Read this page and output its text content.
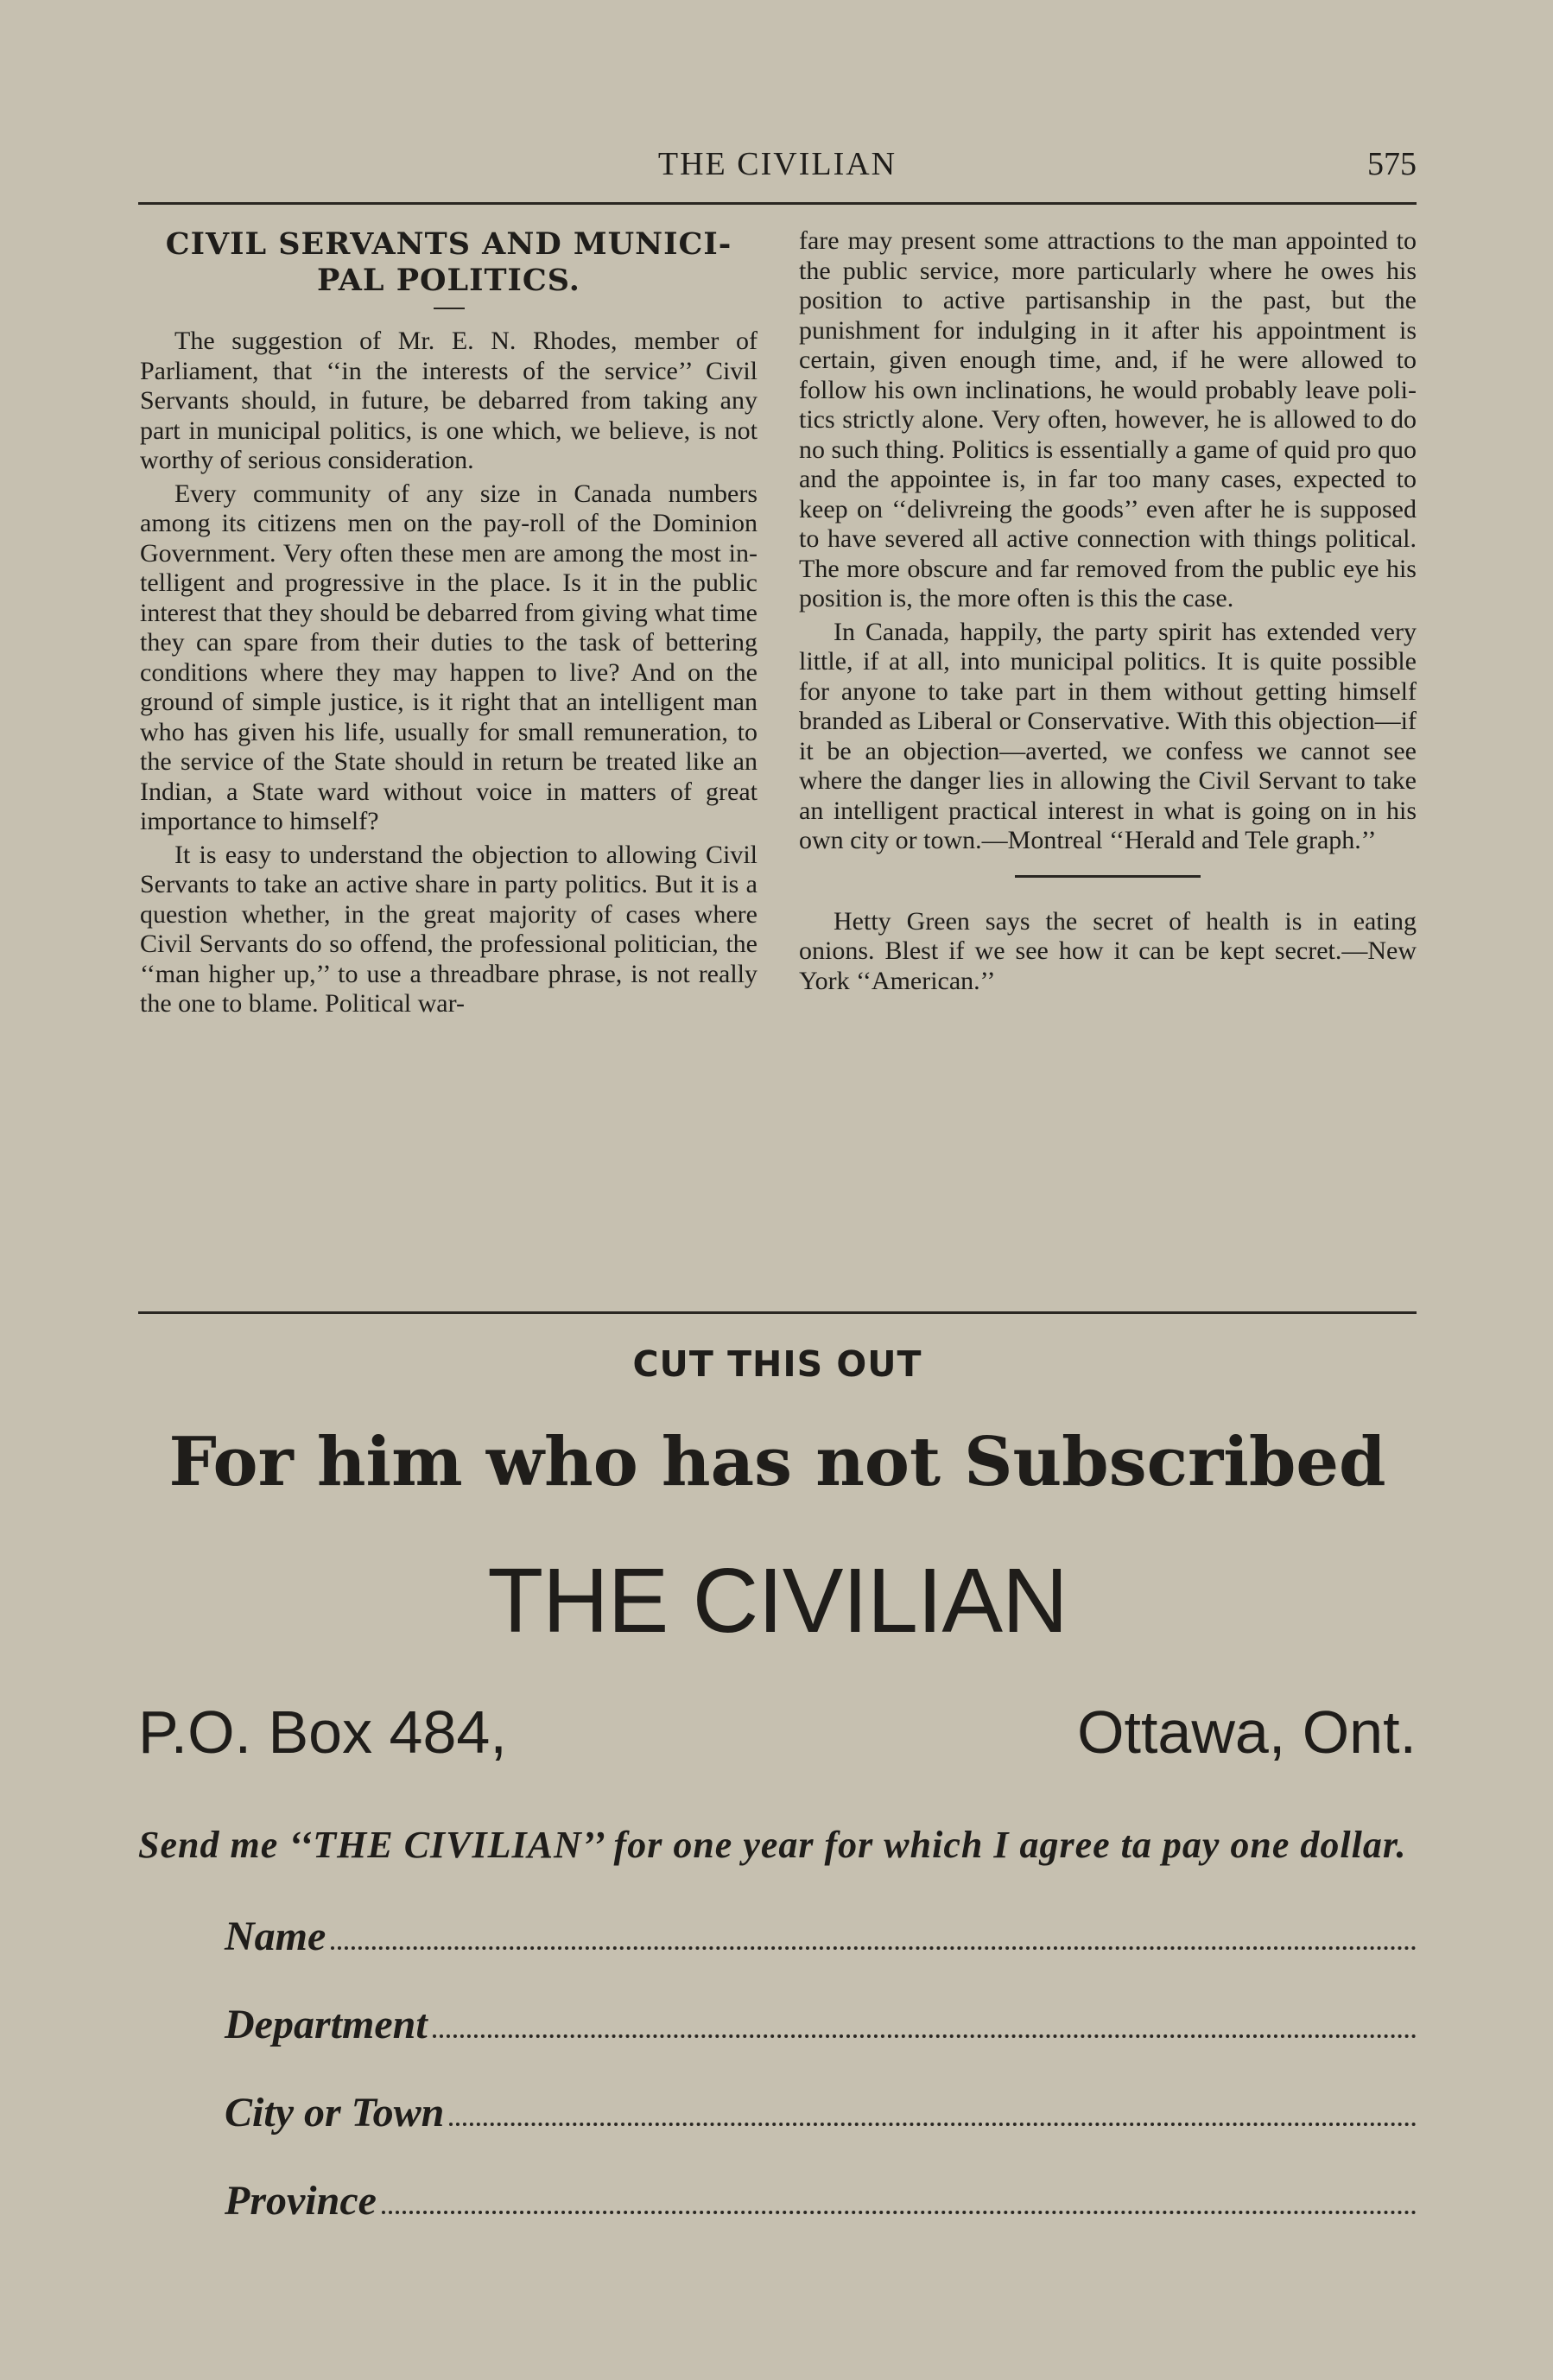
THE CIVILIAN	575
CIVIL SERVANTS AND MUNICI- PAL POLITICS.

The suggestion of Mr. E. N. Rhodes, member of Parliament, that ‘‘in the interests of the service’’ Civil Servants should, in future, be debarred from taking any part in municipal politics, is one which, we believe, is not worthy of serious consideration.

Every community of any size in Canada numbers among its citizens men on the pay-roll of the Dominion Government. Very often these men are among the most intelligent and progressive in the place. Is it in the public interest that they should be debarred from giving what time they can spare from their duties to the task of bettering conditions where they may happen to live? And on the ground of simple justice, is it right that an intelligent man who has given his life, usually for small remuneration, to the service of the State should in return be treated like an Indian, a State ward without voice in matters of great importance to himself?

It is easy to understand the objection to allowing Civil Servants to take an active share in party politics. But it is a question whether, in the great majority of cases where Civil Servants do so offend, the professional politician, the ‘‘man higher up,’’ to use a threadbare phrase, is not really the one to blame. Political war-

fare may present some attractions to the man appointed to the public service, more particularly where he owes his position to active partisanship in the past, but the punishment for indulging in it after his appointment is certain, given enough time, and, if he were allowed to follow his own inclinations, he would probably leave politics strictly alone. Very often, however, he is allowed to do no such thing. Politics is essentially a game of quid pro quo and the appointee is, in far too many cases, expected to keep on ‘‘delivreing the goods’’ even after he is supposed to have severed all active connection with things political. The more obscure and far removed from the public eye his position is, the more often is this the case.

In Canada, happily, the party spirit has extended very little, if at all, into municipal politics. It is quite possible for anyone to take part in them without getting himself branded as Liberal or Conservative. With this objection—if it be an objection—averted, we confess we cannot see where the danger lies in allowing the Civil Servant to take an intelligent practical interest in what is going on in his own city or town.—Montreal ‘‘Herald and Tele graph.’’

Hetty Green says the secret of health is in eating onions. Blest if we see how it can be kept secret.—New York ‘‘American.’’

CUT THIS OUT
For him who has not Subscribed
THE CIVILIAN
P.O. Box 484,	Ottawa, Ont.
Send me ‘‘THE CIVILIAN’’ for one year for which I agree ta pay one dollar.
Name
Department
City or Town
Province
